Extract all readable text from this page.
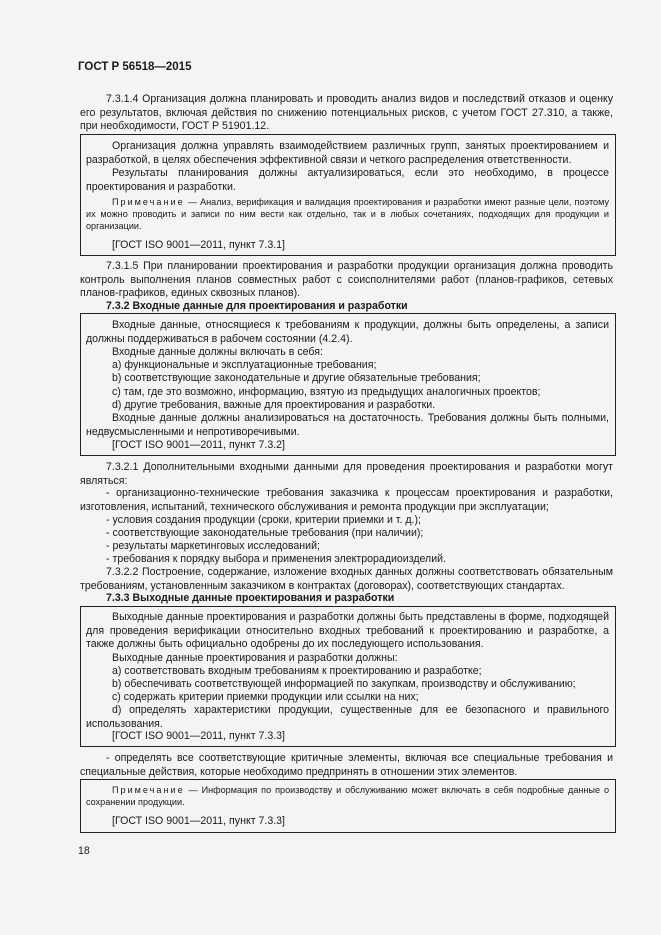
ГОСТ Р 56518—2015

7.3.1.4 Организация должна планировать и проводить анализ видов и последствий отказов и оценку его результатов, включая действия по снижению потенциальных рисков, с учетом ГОСТ 27.310, а также, при необходимости, ГОСТ Р 51901.12.

Организация должна управлять взаимодействием различных групп, занятых проектированием и разработкой, в целях обеспечения эффективной связи и четкого распределения ответственности.

Результаты планирования должны актуализироваться, если это необходимо, в процессе проектирования и разработки.

Примечание — Анализ, верификация и валидация проектирования и разработки имеют разные цели, поэтому их можно проводить и записи по ним вести как отдельно, так и в любых сочетаниях, подходящих для продукции и организации.

[ГОСТ ISO 9001—2011, пункт 7.3.1]

7.3.1.5 При планировании проектирования и разработки продукции организация должна проводить контроль выполнения планов совместных работ с соисполнителями работ (планов-графиков, сетевых планов-графиков, единых сквозных планов).

7.3.2 Входные данные для проектирования и разработки

Входные данные, относящиеся к требованиям к продукции, должны быть определены, а записи должны поддерживаться в рабочем состоянии (4.2.4).

Входные данные должны включать в себя:

a) функциональные и эксплуатационные требования;

b) соответствующие законодательные и другие обязательные требования;

c) там, где это возможно, информацию, взятую из предыдущих аналогичных проектов;

d) другие требования, важные для проектирования и разработки.

Входные данные должны анализироваться на достаточность. Требования должны быть полными, недвусмысленными и непротиворечивыми.

[ГОСТ ISO 9001—2011, пункт 7.3.2]

7.3.2.1 Дополнительными входными данными для проведения проектирования и разработки могут являться:

- организационно-технические требования заказчика к процессам проектирования и разработки, изготовления, испытаний, технического обслуживания и ремонта продукции при эксплуатации;

- условия создания продукции (сроки, критерии приемки и т. д.);

- соответствующие законодательные требования (при наличии);

- результаты маркетинговых исследований;

- требования к порядку выбора и применения электрорадиоизделий.

7.3.2.2 Построение, содержание, изложение входных данных должны соответствовать обязательным требованиям, установленным заказчиком в контрактах (договорах), соответствующих стандартах.

7.3.3 Выходные данные проектирования и разработки

Выходные данные проектирования и разработки должны быть представлены в форме, подходящей для проведения верификации относительно входных требований к проектированию и разработке, а также должны быть официально одобрены до их последующего использования.

Выходные данные проектирования и разработки должны:

a) соответствовать входным требованиям к проектированию и разработке;

b) обеспечивать соответствующей информацией по закупкам, производству и обслуживанию;

c) содержать критерии приемки продукции или ссылки на них;

d) определять характеристики продукции, существенные для ее безопасного и правильного использования.

[ГОСТ ISO 9001—2011, пункт 7.3.3]

- определять все соответствующие критичные элементы, включая все специальные требования и специальные действия, которые необходимо предпринять в отношении этих элементов.

Примечание — Информация по производству и обслуживанию может включать в себя подробные данные о сохранении продукции.

[ГОСТ ISO 9001—2011, пункт 7.3.3]

18
